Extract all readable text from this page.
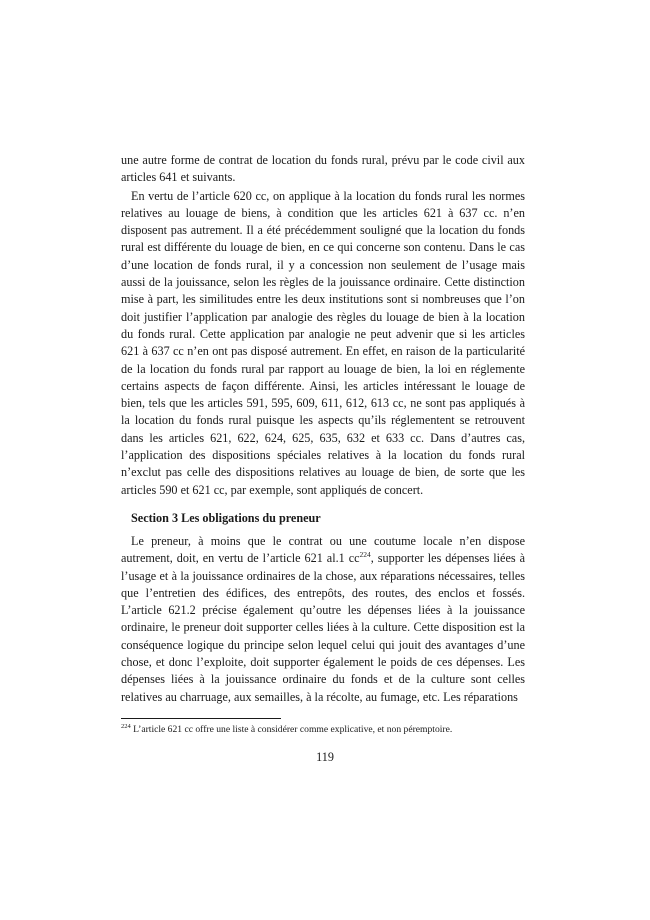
une autre forme de contrat de location du fonds rural, prévu par le code civil aux articles 641 et suivants.

En vertu de l’article 620 cc, on applique à la location du fonds rural les normes relatives au louage de biens, à condition que les articles 621 à 637 cc. n’en disposent pas autrement. Il a été précédemment souligné que la location du fonds rural est différente du louage de bien, en ce qui concerne son contenu. Dans le cas d’une location de fonds rural, il y a concession non seulement de l’usage mais aussi de la jouissance, selon les règles de la jouissance ordinaire. Cette distinction mise à part, les similitudes entre les deux institutions sont si nombreuses que l’on doit justifier l’application par analogie des règles du louage de bien à la location du fonds rural. Cette application par analogie ne peut advenir que si les articles 621 à 637 cc n’en ont pas disposé autrement. En effet, en raison de la particularité de la location du fonds rural par rapport au louage de bien, la loi en réglemente certains aspects de façon différente. Ainsi, les articles intéressant le louage de bien, tels que les articles 591, 595, 609, 611, 612, 613 cc, ne sont pas appliqués à la location du fonds rural puisque les aspects qu’ils réglementent se retrouvent dans les articles 621, 622, 624, 625, 635, 632 et 633 cc. Dans d’autres cas, l’application des dispositions spéciales relatives à la location du fonds rural n’exclut pas celle des dispositions relatives au louage de bien, de sorte que les articles 590 et 621 cc, par exemple, sont appliqués de concert.

Section 3 Les obligations du preneur

Le preneur, à moins que le contrat ou une coutume locale n’en dispose autrement, doit, en vertu de l’article 621 al.1 cc$^{224}$, supporter les dépenses liées à l’usage et à la jouissance ordinaires de la chose, aux réparations nécessaires, telles que l’entretien des édifices, des entrepôts, des routes, des enclos et fossés. L’article 621.2 précise également qu’outre les dépenses liées à la jouissance ordinaire, le preneur doit supporter celles liées à la culture. Cette disposition est la conséquence logique du principe selon lequel celui qui jouit des avantages d’une chose, et donc l’exploite, doit supporter également le poids de ces dépenses. Les dépenses liées à la jouissance ordinaire du fonds et de la culture sont celles relatives au charruage, aux semailles, à la récolte, au fumage, etc. Les réparations

$^{224}$ L’article 621 cc offre une liste à considérer comme explicative, et non péremptoire.
119
